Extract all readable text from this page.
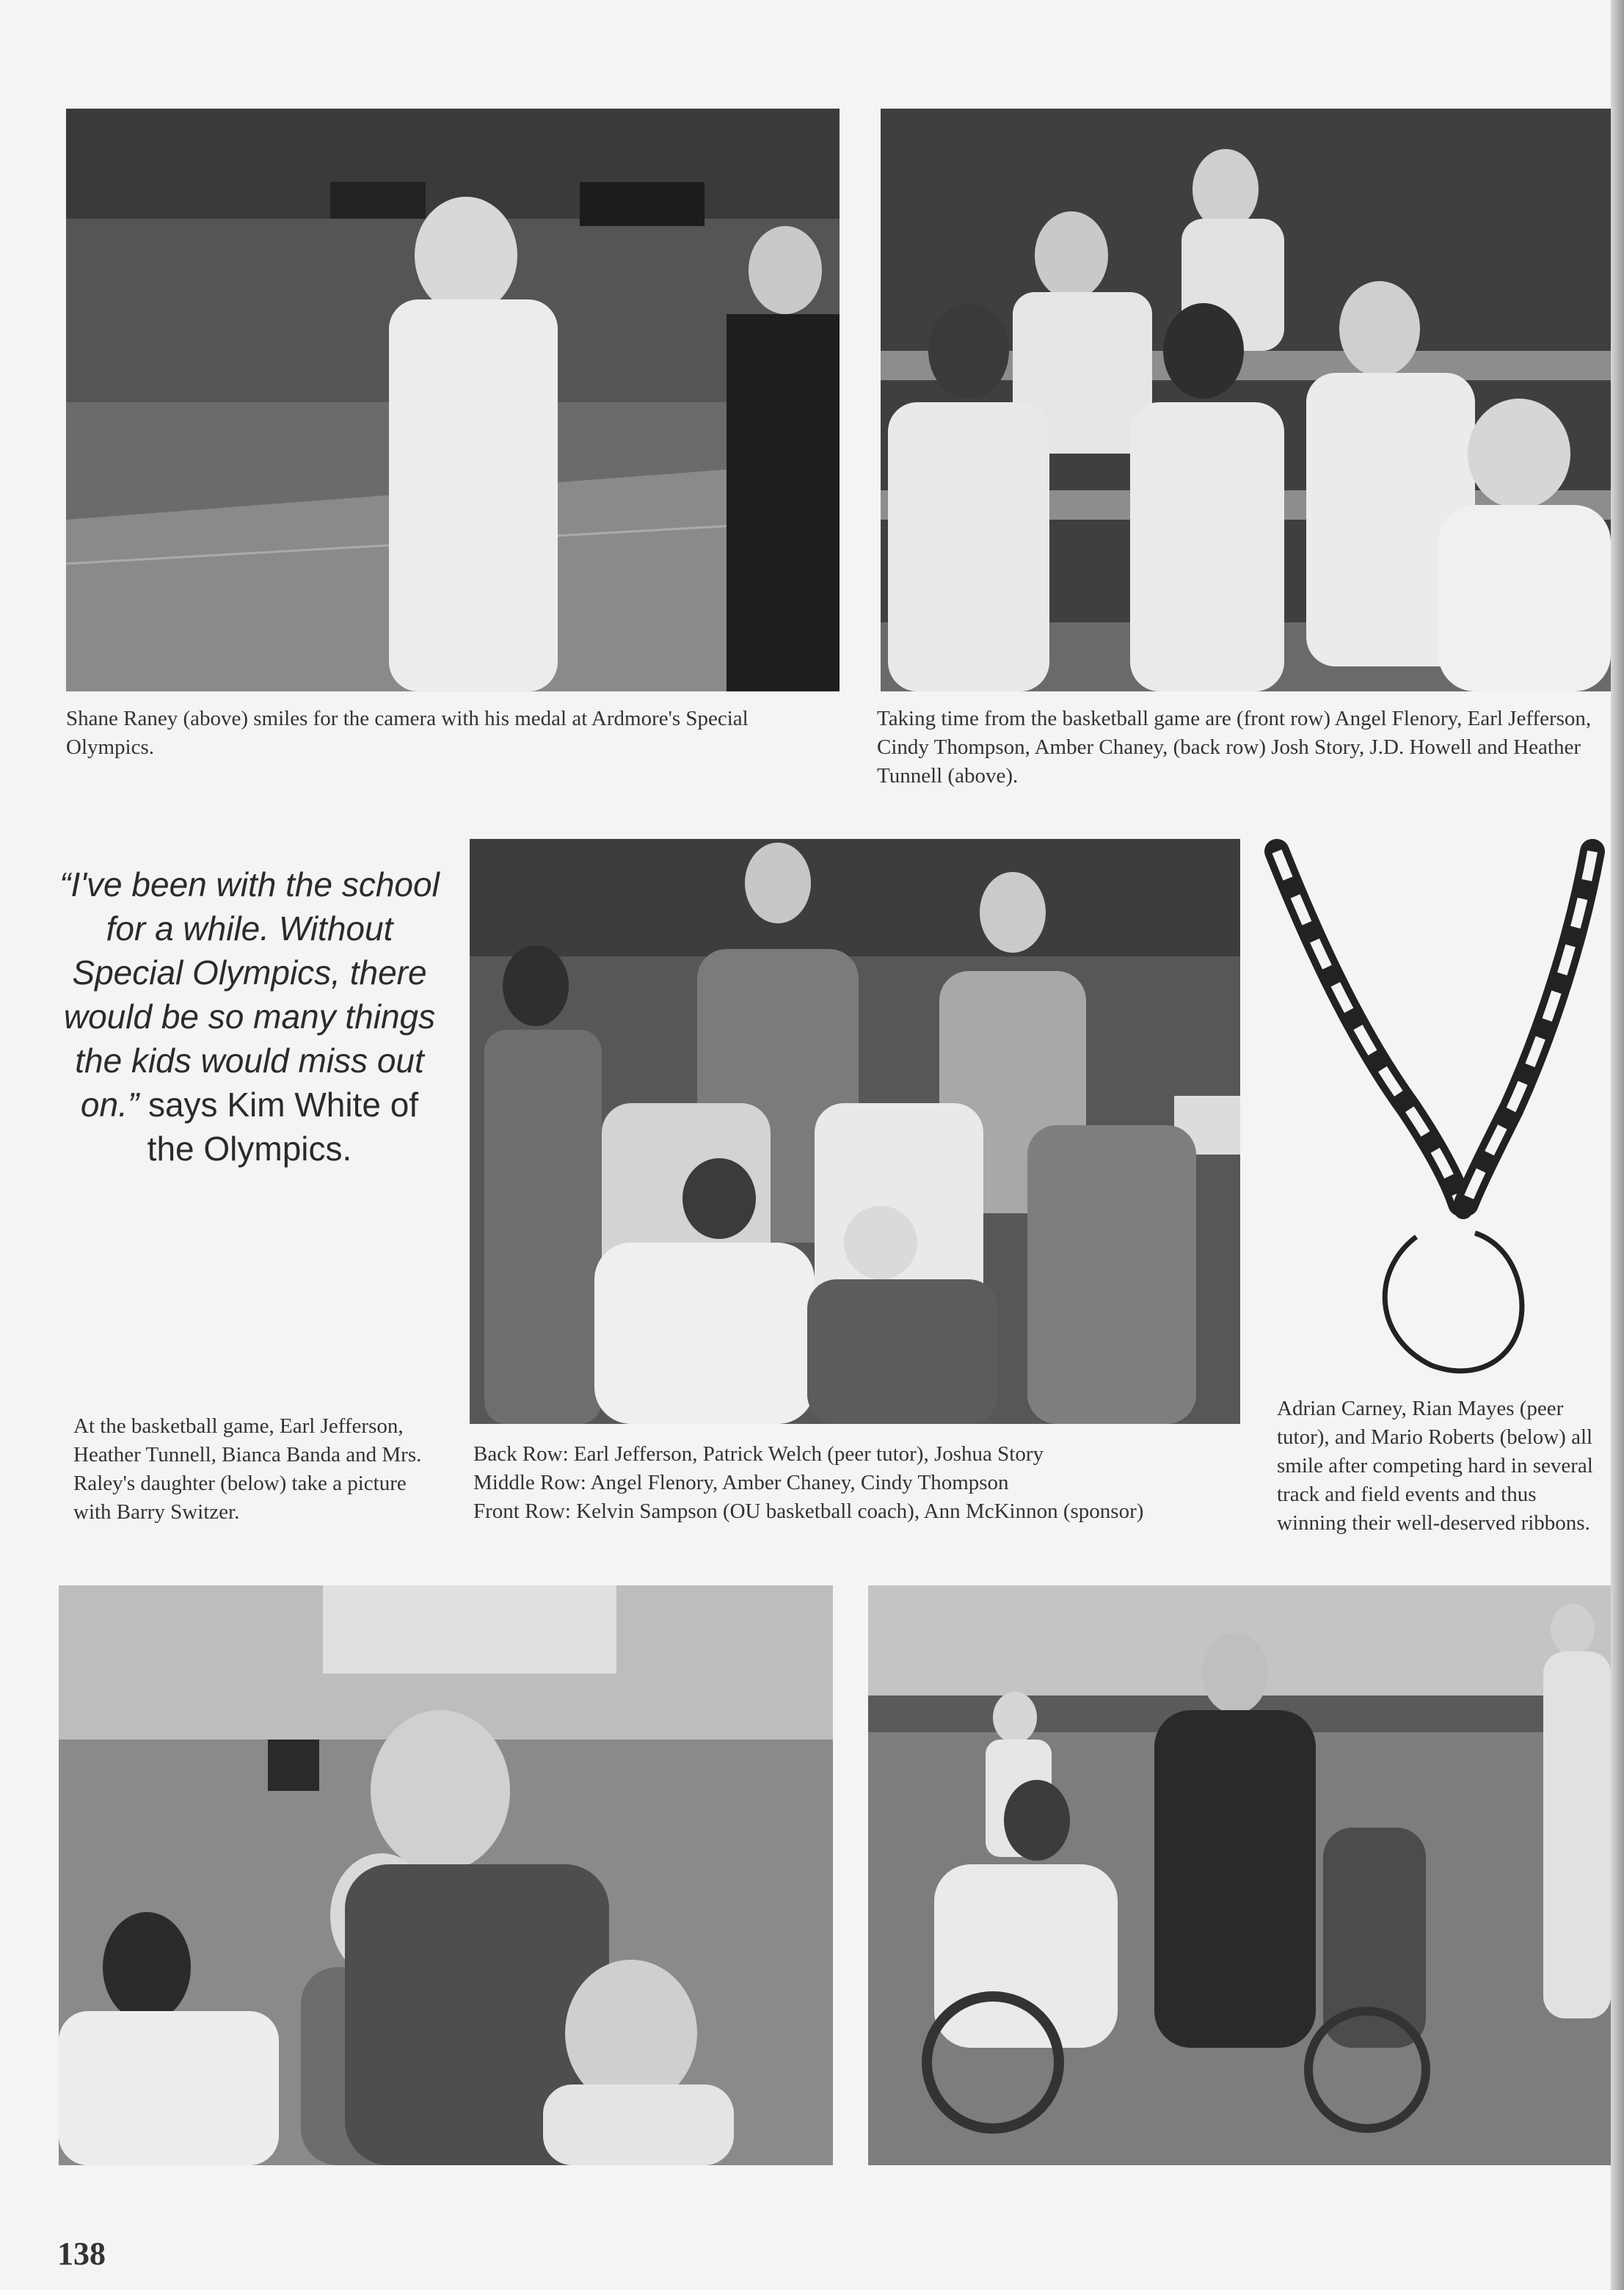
Shane Raney (above) smiles for the camera with his medal at Ardmore's Special Olympics.
Taking time from the basketball game are (front row) Angel Flenory, Earl Jefferson, Cindy Thompson, Amber Chaney, (back row) Josh Story, J.D. Howell and Heather Tunnell (above).
“I've been with the school for a while. Without Special Olympics, there would be so many things the kids would miss out on.” says Kim White of the Olympics.
Back Row: Earl Jefferson, Patrick Welch (peer tutor), Joshua Story
Middle Row: Angel Flenory, Amber Chaney, Cindy Thompson
Front Row: Kelvin Sampson (OU basketball coach), Ann McKinnon (sponsor)
At the basketball game, Earl Jefferson, Heather Tunnell, Bianca Banda and Mrs. Raley's daughter (below) take a picture with Barry Switzer.
Adrian Carney, Rian Mayes (peer tutor), and Mario Roberts (below) all smile after competing hard in several track and field events and thus winning their well-deserved ribbons.
138
